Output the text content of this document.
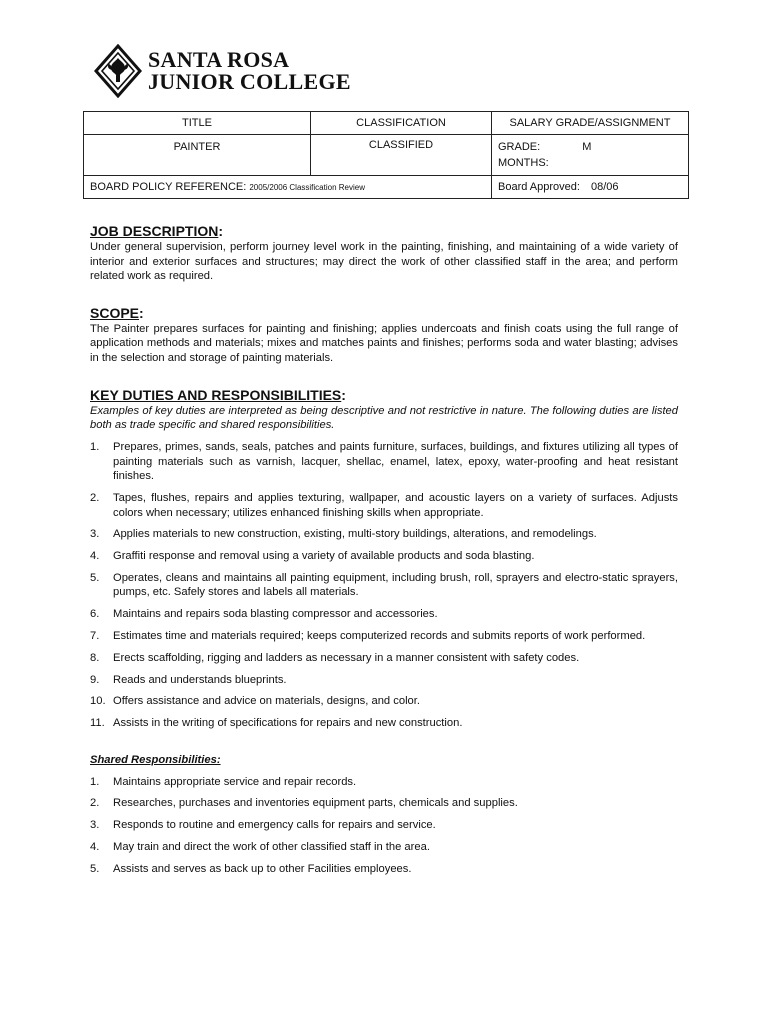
SANTA ROSA
JUNIOR COLLEGE
TITLE	CLASSIFICATION	SALARY GRADE/ASSIGNMENT
PAINTER	CLASSIFIED	GRADE: M
MONTHS:

BOARD POLICY REFERENCE: 2005/2006 Classification Review		Board Approved: 08/06
JOB DESCRIPTION:

Under general supervision, perform journey level work in the painting, finishing, and maintaining of a wide variety of interior and exterior surfaces and structures; may direct the work of other classified staff in the area; and perform related work as required.

SCOPE:

The Painter prepares surfaces for painting and finishing; applies undercoats and finish coats using the full range of application methods and materials; mixes and matches paints and finishes; performs soda and water blasting; advises in the selection and storage of painting materials.

KEY DUTIES AND RESPONSIBILITIES:

Examples of key duties are interpreted as being descriptive and not restrictive in nature. The following duties are listed both as trade specific and shared responsibilities.

1.	Prepares, primes, sands, seals, patches and paints furniture, surfaces, buildings, and fixtures utilizing all types of painting materials such as varnish, lacquer, shellac, enamel, latex, epoxy, water-proofing and heat resistant finishes.
2.	Tapes, flushes, repairs and applies texturing, wallpaper, and acoustic layers on a variety of surfaces. Adjusts colors when necessary; utilizes enhanced finishing skills when appropriate.
3.	Applies materials to new construction, existing, multi-story buildings, alterations, and remodelings.
4.	Graffiti response and removal using a variety of available products and soda blasting.
5.	Operates, cleans and maintains all painting equipment, including brush, roll, sprayers and electro-static sprayers, pumps, etc. Safely stores and labels all materials.
6.	Maintains and repairs soda blasting compressor and accessories.
7.	Estimates time and materials required; keeps computerized records and submits reports of work performed.
8.	Erects scaffolding, rigging and ladders as necessary in a manner consistent with safety codes.
9.	Reads and understands blueprints.
10. Offers assistance and advice on materials, designs, and color.
11. Assists in the writing of specifications for repairs and new construction.
Shared Responsibilities:
1.	Maintains appropriate service and repair records.
2.	Researches, purchases and inventories equipment parts, chemicals and supplies.
3.	Responds to routine and emergency calls for repairs and service.
4.	May train and direct the work of other classified staff in the area.
5.	Assists and serves as back up to other Facilities employees.
